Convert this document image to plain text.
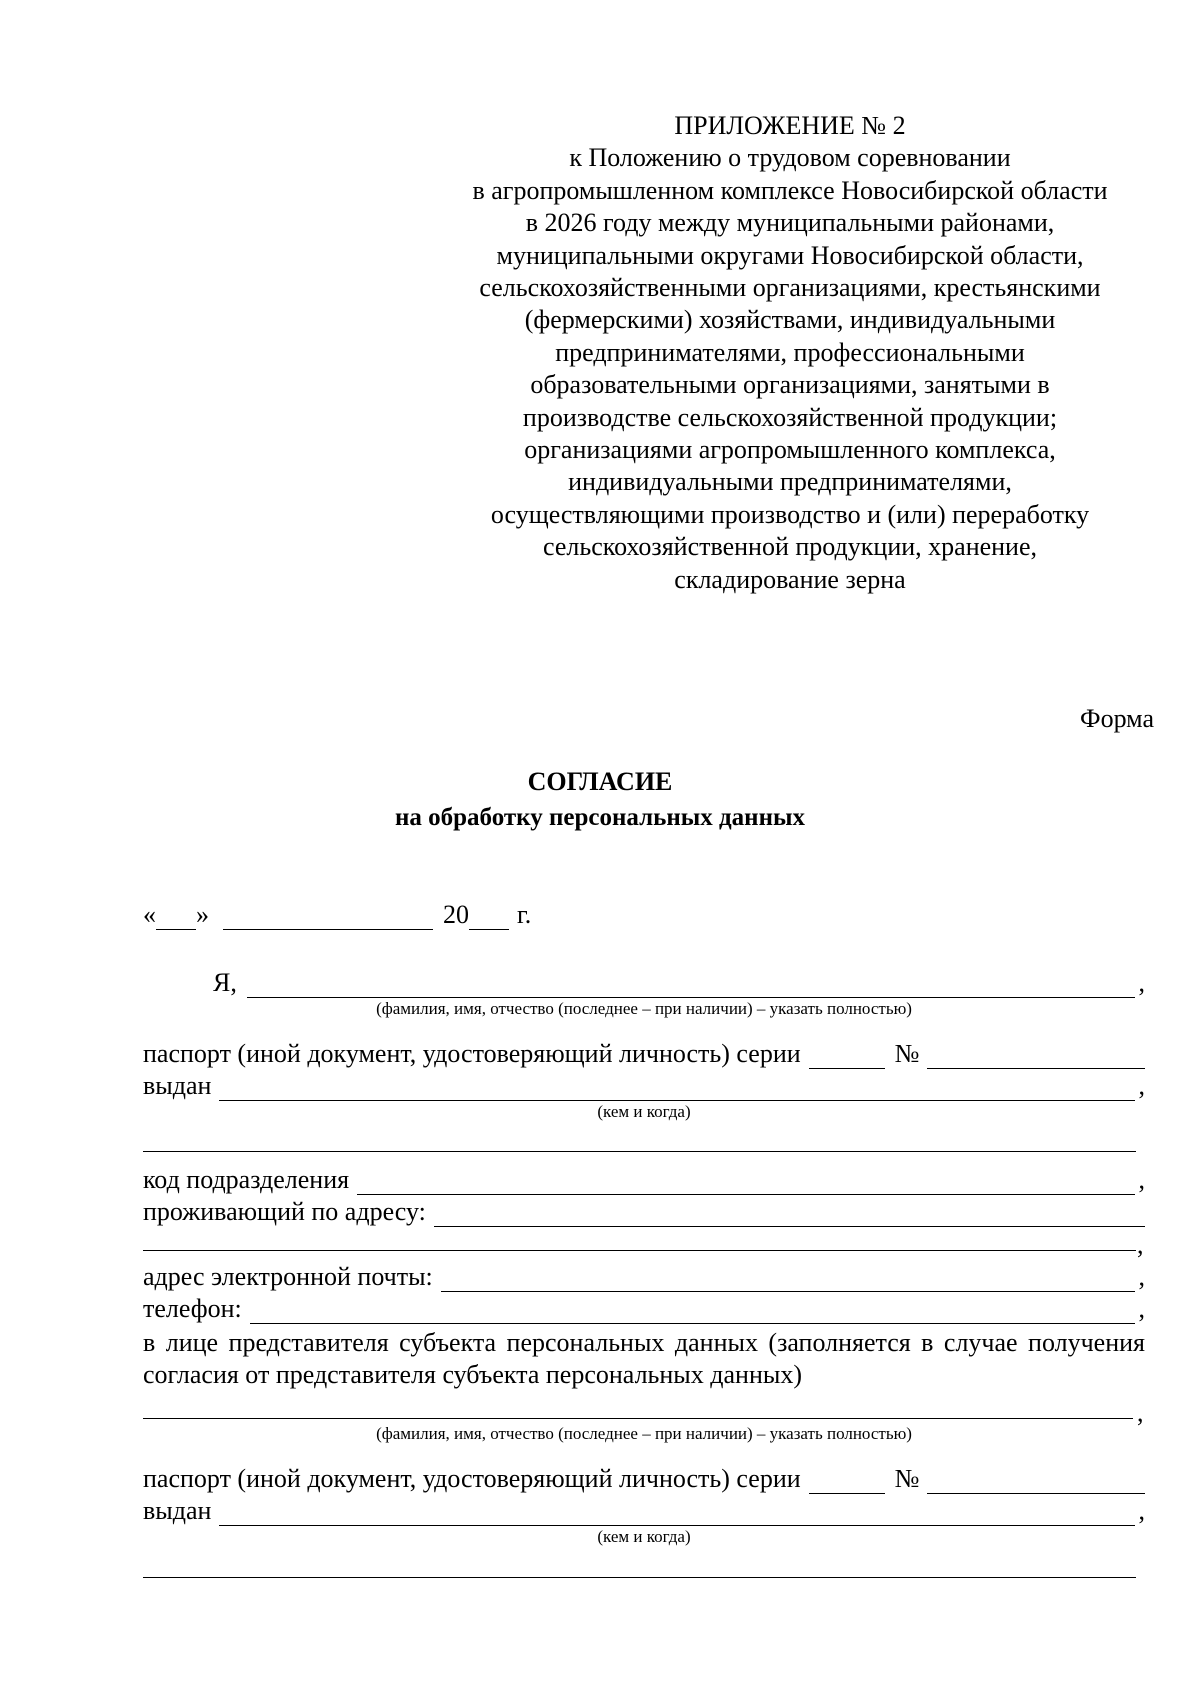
ПРИЛОЖЕНИЕ № 2
к Положению о трудовом соревновании
в агропромышленном комплексе Новосибирской области
в 2026 году между муниципальными районами,
муниципальными округами Новосибирской области,
сельскохозяйственными организациями, крестьянскими
(фермерскими) хозяйствами, индивидуальными
предпринимателями, профессиональными
образовательными организациями, занятыми в
производстве сельскохозяйственной продукции;
организациями агропромышленного комплекса,
индивидуальными предпринимателями,
осуществляющими производство и (или) переработку
сельскохозяйственной продукции, хранение,
складирование зерна
Форма
СОГЛАСИЕ
на обработку персональных данных
« »	20 г.
Я,	,
(фамилия, имя, отчество (последнее – при наличии) – указать полностью)
паспорт (иной документ, удостоверяющий личность) серии	№
выдан	,
(кем и когда)
код подразделения	,
проживающий по адресу:
,
адрес электронной почты:	,
телефон:	,
в лице представителя субъекта персональных данных (заполняется в случае получения согласия от представителя субъекта персональных данных)
,
(фамилия, имя, отчество (последнее – при наличии) – указать полностью)
паспорт (иной документ, удостоверяющий личность) серии	№
выдан	,
(кем и когда)
